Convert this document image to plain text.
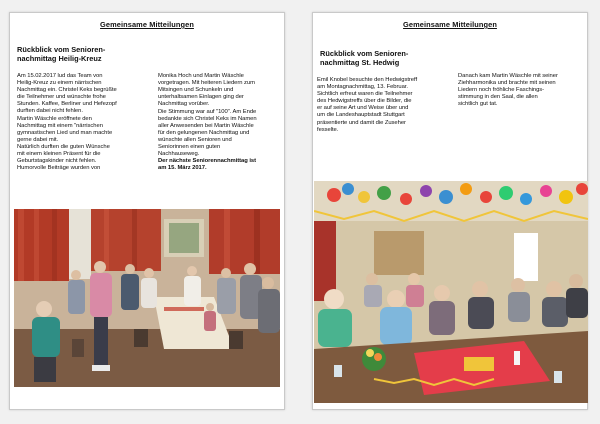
Gemeinsame Mitteilungen
Rückblick vom Senioren-
nachmittag Heilig-Kreuz
Am 15.02.2017 lud das Team von
Heilig-Kreuz zu einem närrischen
Nachmittag ein. Christel Keks begrüßte
die Teilnehmer und wünschte frohe
Stunden. Kaffee, Berliner und Hefezopf
durften dabei nicht fehlen.
Martin Wäschle eröffnete den
Nachmittag mit einem "närrischen
gymnastischen Lied und man machte
gerne dabei mit.
Natürlich durften die guten Wünsche
mit einem kleinen Präsent für die
Geburtstagskinder nicht fehlen.
Humorvolle Beiträge wurden von

Monika Hoch und Martin Wäschle
vorgetragen. Mit heiteren Liedern zum
Mitsingen und Schunkeln und
unterhaltsamen Einlagen ging der
Nachmittag vorüber.
Die Stimmung war auf "100". Am Ende
bedankte sich Christel Keks im Namen
aller Anwesenden bei Martin Wäschle
für den gelungenen Nachmittag und
wünschte allen Senioren und
Seniorinnen einen guten
Nachhauseweg.
Der nächste Seniorennachmittag ist
am 15. März 2017.

Gemeinsame Mitteilungen
Rückblick vom Senioren-
nachmittag St. Hedwig
Emil Knobel besuchte den Hedwigstreff
am Montagnachmittag, 13. Februar.
Sichtlich erfreut waren die Teilnehmer
des Hedwigstreffs über die Bilder, die
er auf seine Art und Weise über und
um die Landeshauptstadt Stuttgart
präsentierte und damit die Zuseher
fesselte.
Danach kam Martin Wäschle mit seiner
Ziehharmonika und brachte mit seinen
Liedern noch fröhliche Faschings-
stimmung in den Saal, die allen
sichtlich gut tat.
